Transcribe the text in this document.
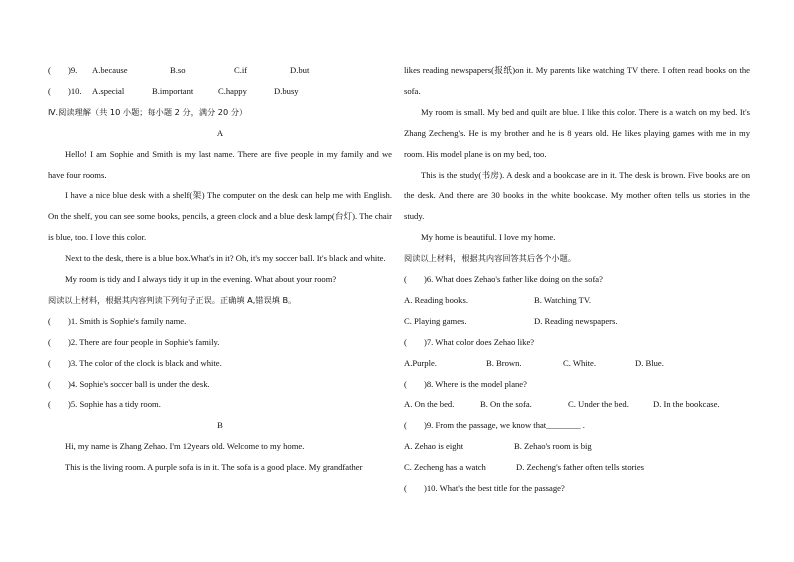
(	)9.	A.because	B.so	C.if	D.but
(	)10.	A.special	B.important	C.happy	D.busy
Ⅳ.阅读理解（共 10 小题；每小题 2 分，满分 20 分）
A
Hello! I am Sophie and Smith is my last name. There are five people in my family and we have four rooms.
I have a nice blue desk with a shelf(架) The computer on the desk can help me with English. On the shelf, you can see some books, pencils, a green clock and a blue desk lamp(台灯). The chair is blue, too. I love this color.
Next to the desk, there is a blue box.What's in it? Oh, it's my soccer ball. It's black and white.
My room is tidy and I always tidy it up in the evening. What about your room?
阅读以上材料，根据其内容判读下列句子正误。正确填 A,错误填 B。
(	)1. Smith is Sophie's family name.
(	)2. There are four people in Sophie's family.
(	)3. The color of the clock is black and white.
(	)4. Sophie's soccer ball is under the desk.
(	)5. Sophie has a tidy room.
B
Hi, my name is Zhang Zehao. I'm 12years old. Welcome to my home.
This is the living room. A purple sofa is in it. The sofa is a good place. My grandfather
likes reading newspapers(报纸)on it. My parents like watching TV there. I often read books on the sofa.
My room is small. My bed and quilt are blue. I like this color. There is a watch on my bed. It's Zhang Zecheng's. He is my brother and he is 8 years old. He likes playing games with me in my room. His model plane is on my bed, too.
This is the study(书房). A desk and a bookcase are in it. The desk is brown. Five books are on the desk. And there are 30 books in the white bookcase. My mother often tells us stories in the study.
My home is beautiful. I love my home.
阅读以上材料，根据其内容回答其后各个小题。
(	)6. What does Zehao's father like doing on the sofa?
A. Reading books.	B. Watching TV.
C. Playing games.	D. Reading newspapers.
(	)7. What color does Zehao like?
A.Purple.	B. Brown.	C. White.	D. Blue.
(	)8. Where is the model plane?
A. On the bed.	B. On the sofa.	C. Under the bed.	D. In the bookcase.
(	)9. From the passage, we know that________ .
A. Zehao is eight	B. Zehao's room is big
C. Zecheng has a watch	D. Zecheng's father often tells stories
(	)10. What's the best title for the passage?
